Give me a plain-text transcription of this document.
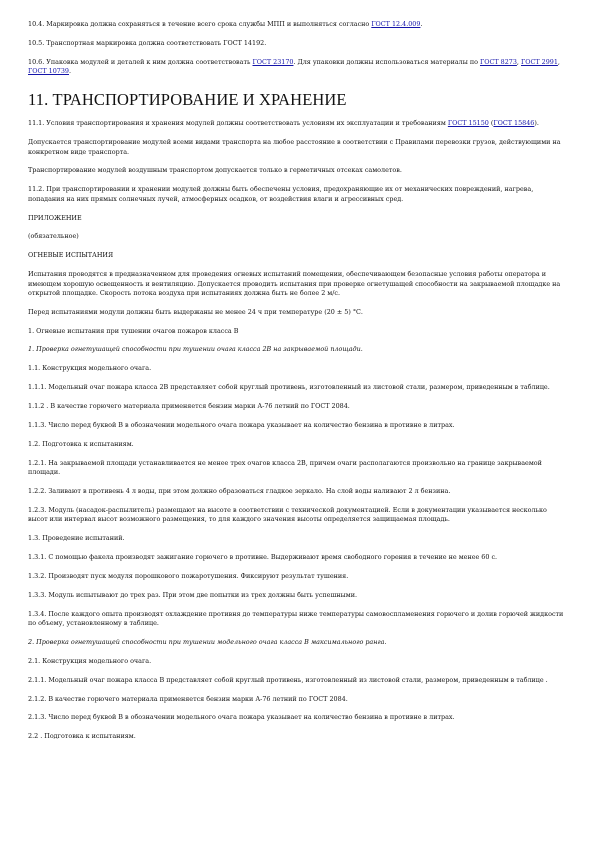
10.4. Маркировка должна сохраняться в течение всего срока службы МПП и выполняться согласно ГОСТ 12.4.009.

10.5. Транспортная маркировка должна соответствовать ГОСТ 14192.

10.6. Упаковка модулей и деталей к ним должна соответствовать ГОСТ 23170. Для упаковки должны использоваться материалы по ГОСТ 8273, ГОСТ 2991, ГОСТ 10739.

11. ТРАНСПОРТИРОВАНИЕ И ХРАНЕНИЕ

11.1. Условия транспортирования и хранения модулей должны соответствовать условиям их эксплуатации и требованиям ГОСТ 15150 (ГОСТ 15846).

Допускается транспортирование модулей всеми видами транспорта на любое расстояние в соответствии с Правилами перевозки грузов, действующими на конкретном виде транспорта.

Транспортирование модулей воздушным транспортом допускается только в герметичных отсеках самолетов.

11.2. При транспортировании и хранении модулей должны быть обеспечены условия, предохраняющие их от механических повреждений, нагрева, попадания на них прямых солнечных лучей, атмосферных осадков, от воздействия влаги и агрессивных сред.

ПРИЛОЖЕНИЕ

(обязательное)

ОГНЕВЫЕ ИСПЫТАНИЯ

Испытания проводятся в предназначенном для проведения огневых испытаний помещении, обеспечивающем безопасные условия работы оператора и имеющем хорошую освещенность и вентиляцию. Допускается проводить испытания при проверке огнетушащей способности на закрываемой площадке на открытой площадке. Скорость потока воздуха при испытаниях должна быть не более 2 м/с.

Перед испытаниями модули должны быть выдержаны не менее 24 ч при температуре (20 ± 5) °С.

1. Огневые испытания при тушении очагов пожаров класса В

1. Проверка огнетушащей способности при тушении очага класса 2В на закрываемой площади.

1.1. Конструкция модельного очага.

1.1.1. Модельный очаг пожара класса 2В представляет собой круглый противень, изготовленный из листовой стали, размером, приведенным в таблице.

1.1.2 . В качестве горючего материала применяется бензин марки А-76 летний по ГОСТ 2084.

1.1.3. Число перед буквой В в обозначении модельного очага пожара указывает на количество бензина в противне в литрах.

1.2. Подготовка к испытаниям.

1.2.1. На закрываемой площади устанавливается не менее трех очагов класса 2В, причем очаги располагаются произвольно на границе закрываемой площади.

1.2.2. Заливают в противень 4 л воды, при этом должно образоваться гладкое зеркало. На слой воды наливают 2 л бензина.

1.2.3. Модуль (насадок-распылитель) размещают на высоте в соответствии с технической документацией. Если в документации указывается несколько высот или интервал высот возможного размещения, то для каждого значения высоты определяется защищаемая площадь.

1.3. Проведение испытаний.

1.3.1. С помощью факела производят зажигание горючего в противне. Выдерживают время свободного горения в течение не менее 60 с.

1.3.2. Производят пуск модуля порошкового пожаротушения. Фиксируют результат тушения.

1.3.3. Модуль испытывают до трех раз. При этом две попытки из трех должны быть успешными.

1.3.4. После каждого опыта производят охлаждение противня до температуры ниже температуры самовоспламенения горючего и долив горючей жидкости по объему, установленному в таблице.

2. Проверка огнетушащей способности при тушении модельного очага класса В максимального ранга.

2.1. Конструкция модельного очага.

2.1.1. Модельный очаг пожара класса В представляет собой круглый противень, изготовленный из листовой стали, размером, приведенным в таблице .

2.1.2. В качестве горючего материала применяется бензин марки А-76 летний по ГОСТ 2084.

2.1.3. Число перед буквой В в обозначении модельного очага пожара указывает на количество бензина в противне в литрах.

2.2 . Подготовка к испытаниям.
